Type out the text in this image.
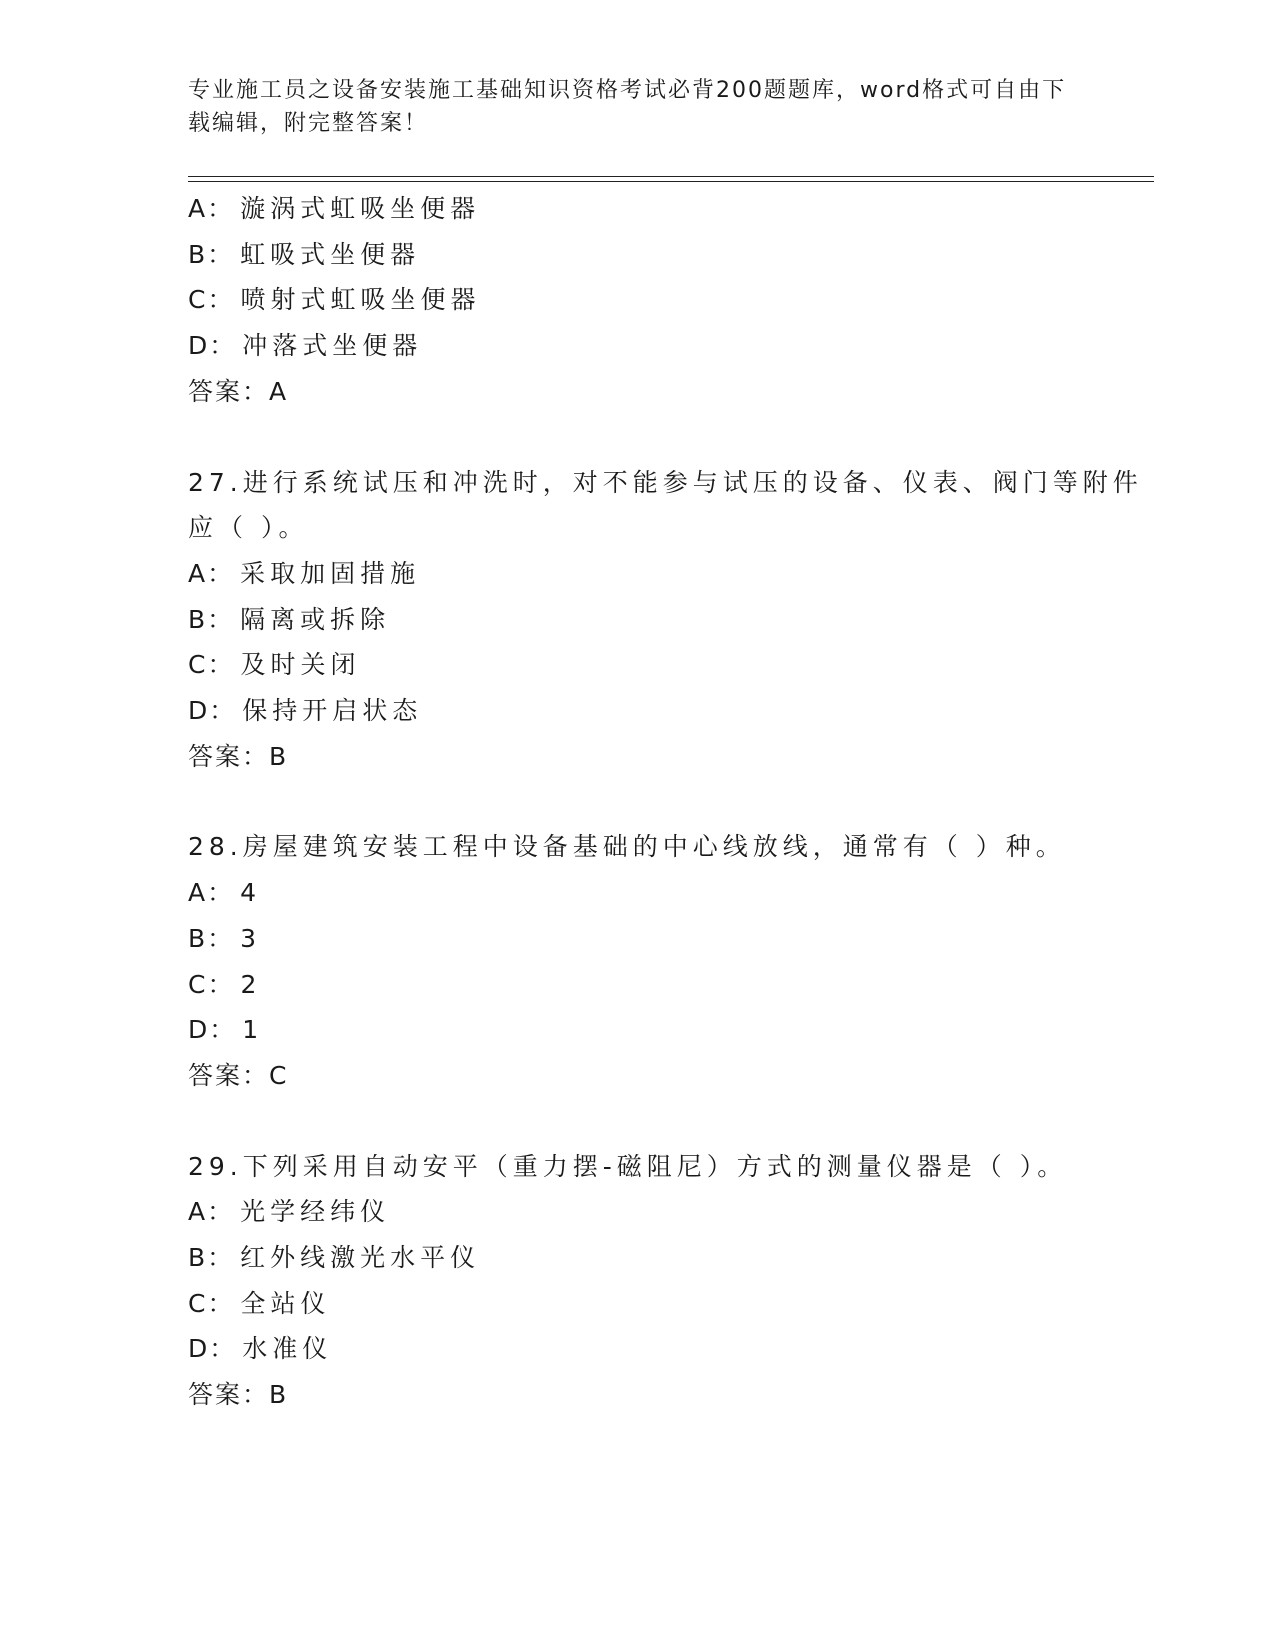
专业施工员之设备安装施工基础知识资格考试必背200题题库，word格式可自由下载编辑，附完整答案！
A： 漩涡式虹吸坐便器
B： 虹吸式坐便器
C： 喷射式虹吸坐便器
D： 冲落式坐便器
答案：A
27.进行系统试压和冲洗时，对不能参与试压的设备、仪表、阀门等附件应（ ）。
A： 采取加固措施
B： 隔离或拆除
C： 及时关闭
D： 保持开启状态
答案：B
28.房屋建筑安装工程中设备基础的中心线放线，通常有（ ）种。
A： 4
B： 3
C： 2
D： 1
答案：C
29.下列采用自动安平（重力摆-磁阻尼）方式的测量仪器是（ ）。
A： 光学经纬仪
B： 红外线激光水平仪
C： 全站仪
D： 水准仪
答案：B
